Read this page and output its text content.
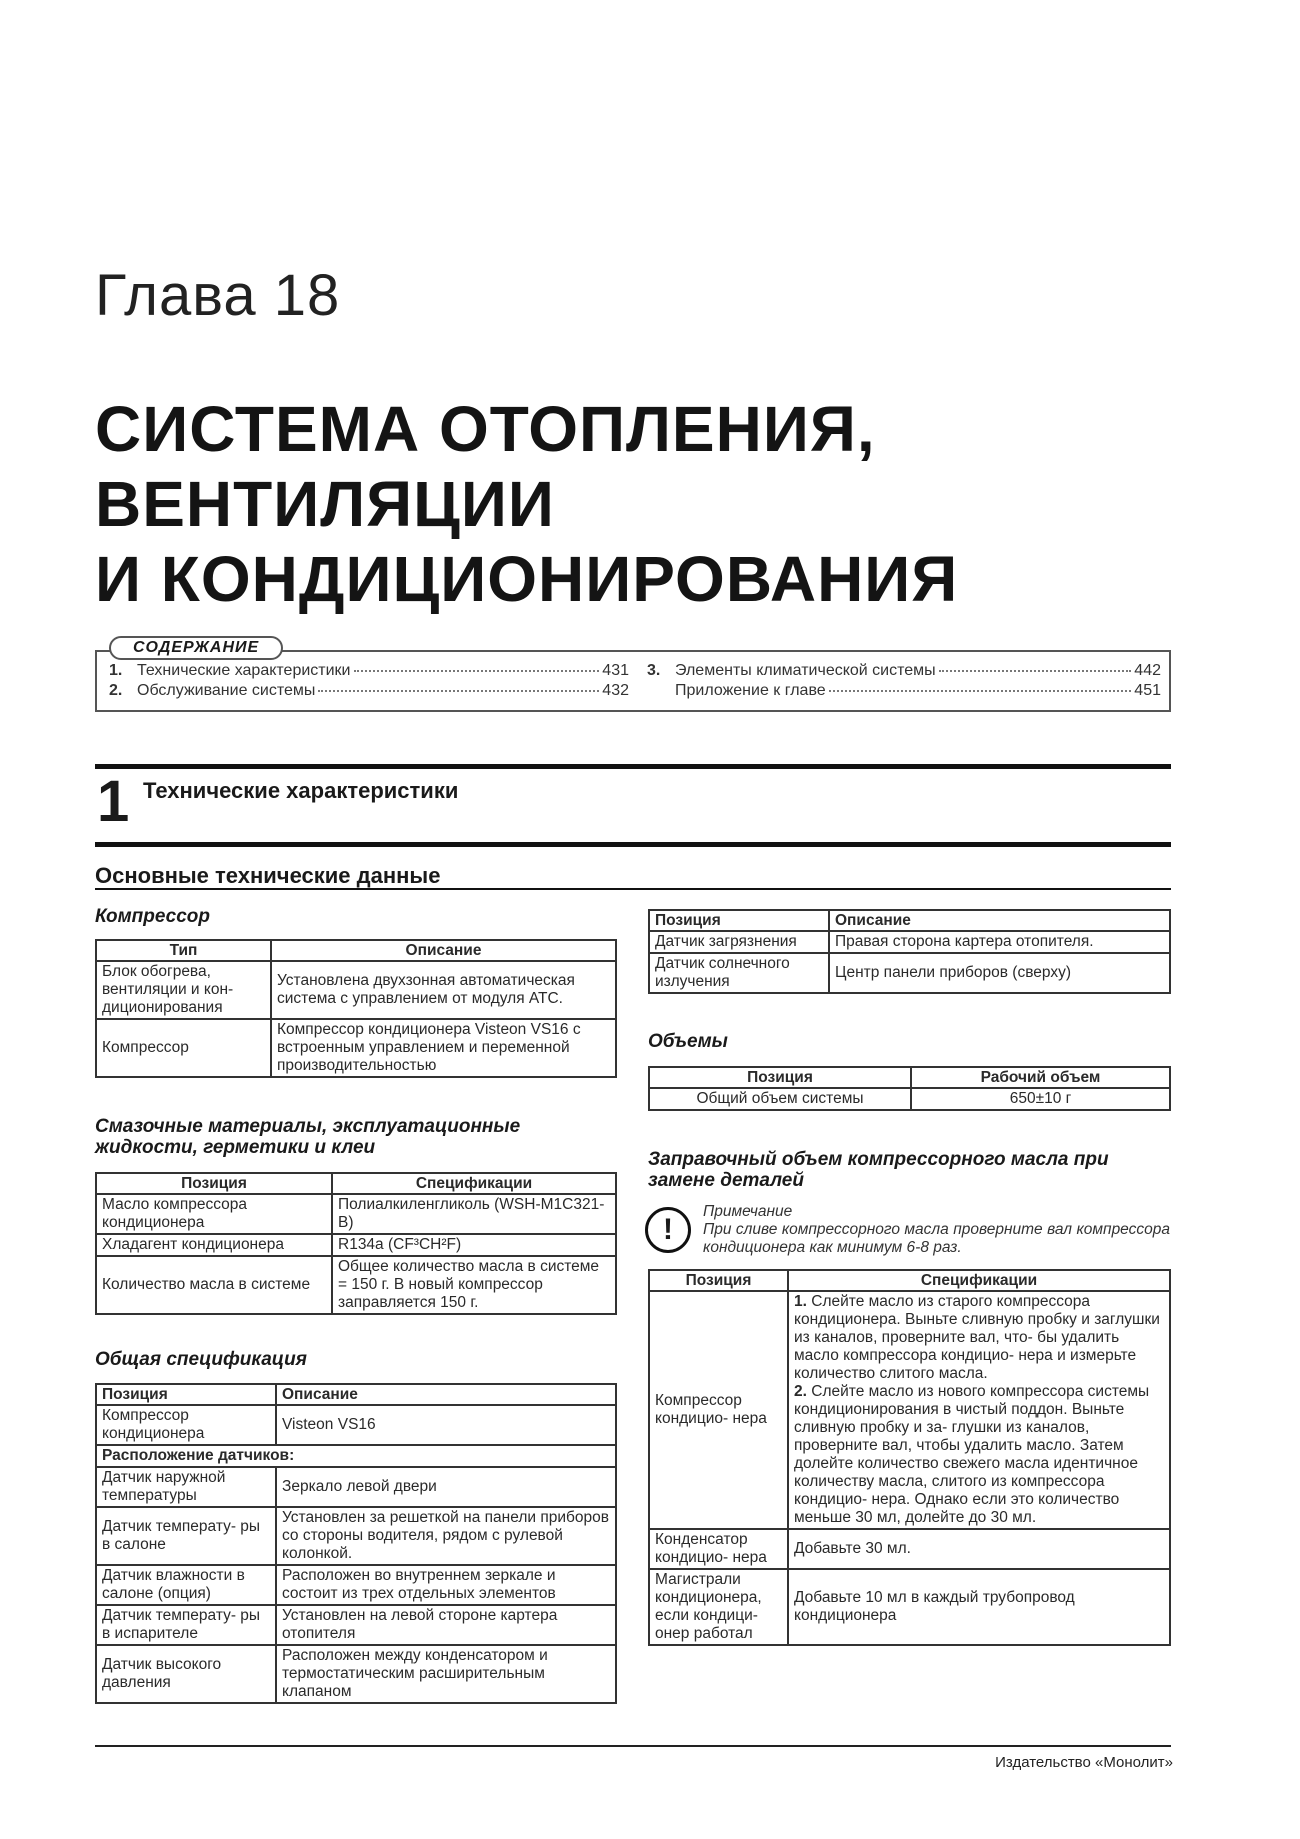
Глава 18
СИСТЕМА ОТОПЛЕНИЯ,
ВЕНТИЛЯЦИИ
И КОНДИЦИОНИРОВАНИЯ
СОДЕРЖАНИЕ
1. Технические характеристики	431
2. Обслуживание системы	432
3. Элементы климатической системы	442
Приложение к главе	451
1 Технические характеристики
Основные технические данные
Компрессор
Тип	Описание
Блок обогрева, вентиляции и кон- диционирования	Установлена двухзонная автоматическая система с управлением от модуля АТС.
Компрессор	Компрессор кондиционера Visteon VS16 с встроенным управлением и переменной производительностью
Смазочные материалы, эксплуатационные жидкости, герметики и клеи
Позиция	Спецификации
Масло компрессора кондиционера	Полиалкиленгликоль (WSH-M1C321-B)
Хладагент кондиционера	R134a (CF³CH²F)
Количество масла в системе	Общее количество масла в системе = 150 г. В новый компрессор заправляется 150 г.
Общая спецификация
Позиция	Описание
Компрессор кондиционера	Visteon VS16
Расположение датчиков:	
Датчик наружной температуры	Зеркало левой двери
Датчик температу- ры в салоне	Установлен за решеткой на панели приборов со стороны водителя, рядом с рулевой колонкой.
Датчик влажности в салоне (опция)	Расположен во внутреннем зеркале и состоит из трех отдельных элементов
Датчик температу- ры в испарителе	Установлен на левой стороне картера отопителя
Датчик высокого давления	Расположен между конденсатором и термостатическим расширительным клапаном
Позиция	Описание
Датчик загрязнения	Правая сторона картера отопителя.
Датчик солнечного излучения	Центр панели приборов (сверху)
Объемы
Позиция	Рабочий объем
Общий объем системы	650±10 г
Заправочный объем компрессорного масла при замене деталей
!
Примечание
При сливе компрессорного масла проверните вал компрессора кондиционера как минимум 6-8 раз.
Позиция	Спецификации
Компрессор кондицио- нера	1. Слейте масло из старого компрессора кондиционера. Выньте сливную пробку и заглушки из каналов, проверните вал, что- бы удалить масло компрессора кондицио- нера и измерьте количество слитого масла.
2. Слейте масло из нового компрессора системы кондиционирования в чистый поддон. Выньте сливную пробку и за- глушки из каналов, проверните вал, чтобы удалить масло. Затем долейте количество свежего масла идентичное количеству масла, слитого из компрессора кондицио- нера. Однако если это количество меньше 30 мл, долейте до 30 мл.

Конденсатор кондицио- нера	Добавьте 30 мл.
Магистрали кондиционера, если кондици- онер работал	Добавьте 10 мл в каждый трубопровод кондиционера
Издательство «Монолит»
